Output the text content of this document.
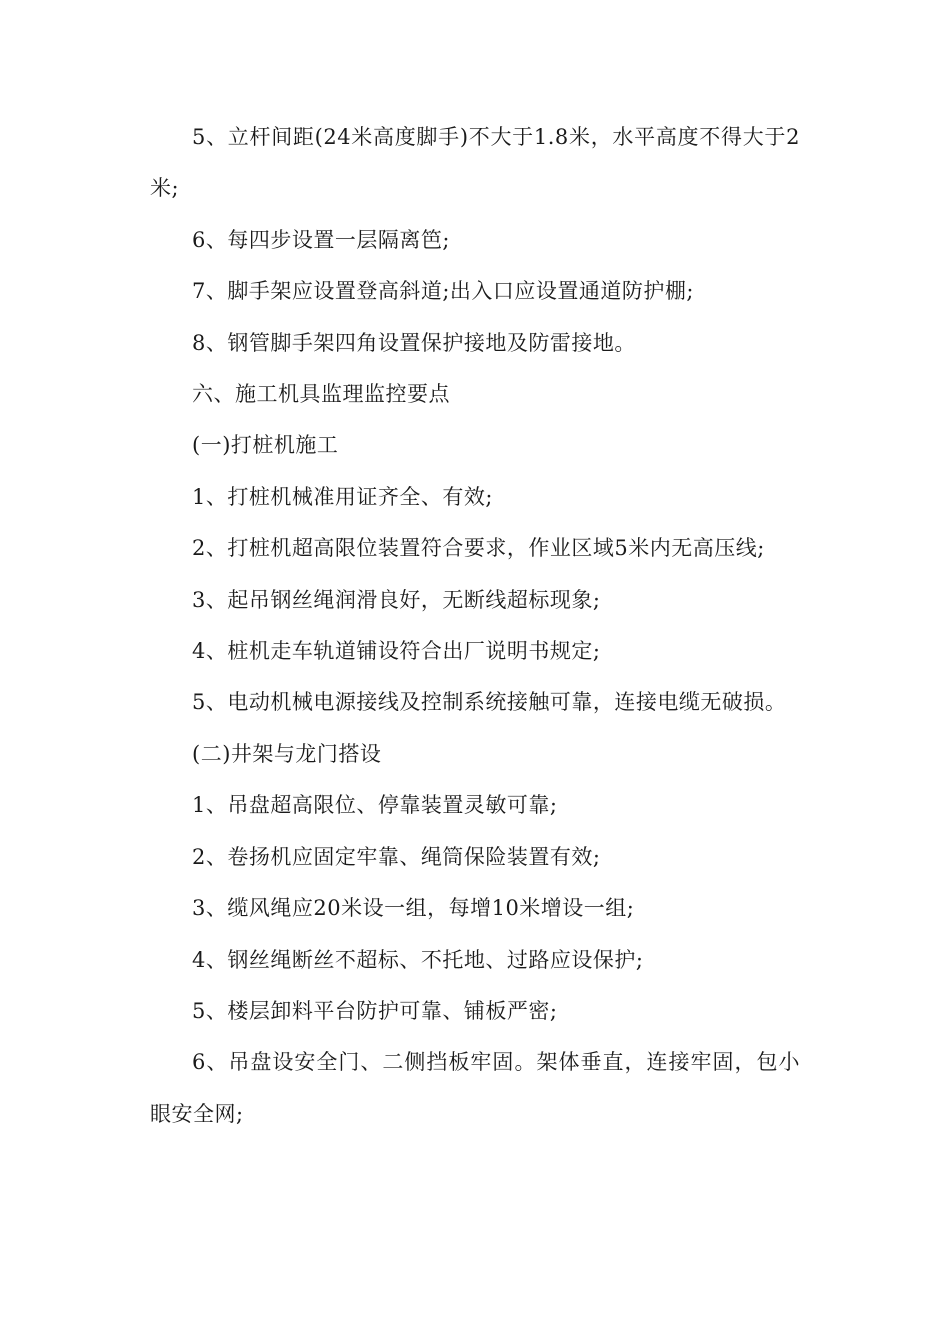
5、立杆间距(24米高度脚手)不大于1.8米，水平高度不得大于2米;

6、每四步设置一层隔离笆;

7、脚手架应设置登高斜道;出入口应设置通道防护棚;

8、钢管脚手架四角设置保护接地及防雷接地。

六、施工机具监理监控要点

(一)打桩机施工

1、打桩机械准用证齐全、有效;

2、打桩机超高限位装置符合要求，作业区域5米内无高压线;

3、起吊钢丝绳润滑良好，无断线超标现象;

4、桩机走车轨道铺设符合出厂说明书规定;

5、电动机械电源接线及控制系统接触可靠，连接电缆无破损。

(二)井架与龙门搭设

1、吊盘超高限位、停靠装置灵敏可靠;

2、卷扬机应固定牢靠、绳筒保险装置有效;

3、缆风绳应20米设一组，每增10米增设一组;

4、钢丝绳断丝不超标、不托地、过路应设保护;

5、楼层卸料平台防护可靠、铺板严密;

6、吊盘设安全门、二侧挡板牢固。架体垂直，连接牢固，包小眼安全网;
